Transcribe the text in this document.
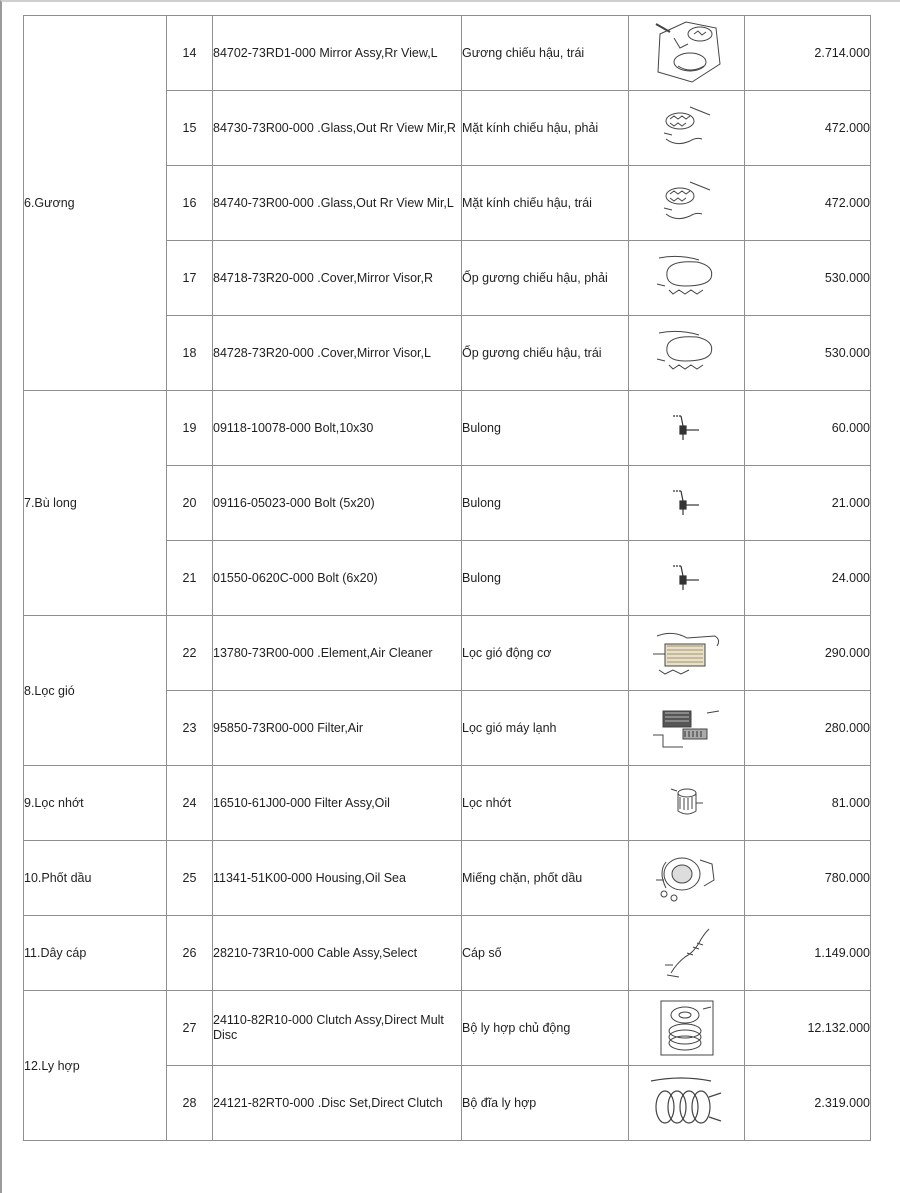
6.Gương	14	84702-73RD1-000 Mirror Assy,Rr View,L	Gương chiếu hậu, trái		2.714.000
	15	84730-73R00-000 .Glass,Out Rr View Mir,R	Mặt kính chiếu hậu, phải		472.000
	16	84740-73R00-000 .Glass,Out Rr View Mir,L	Mặt kính chiếu hậu, trái		472.000
	17	84718-73R20-000 .Cover,Mirror Visor,R	Ốp gương chiếu hậu, phải		530.000
	18	84728-73R20-000 .Cover,Mirror Visor,L	Ốp gương chiếu hậu, trái		530.000
7.Bù long	19	09118-10078-000 Bolt,10x30	Bulong		60.000
	20	09116-05023-000 Bolt (5x20)	Bulong		21.000
	21	01550-0620C-000 Bolt (6x20)	Bulong		24.000
8.Lọc gió	22	13780-73R00-000 .Element,Air Cleaner	Lọc gió động cơ		290.000
	23	95850-73R00-000 Filter,Air	Lọc gió máy lạnh		280.000
9.Lọc nhớt	24	16510-61J00-000 Filter Assy,Oil	Lọc nhớt		81.000
10.Phốt dầu	25	11341-51K00-000 Housing,Oil Sea	Miếng chặn, phốt dầu		780.000
11.Dây cáp	26	28210-73R10-000 Cable Assy,Select	Cáp số		1.149.000
12.Ly hợp	27	24110-82R10-000 Clutch Assy,Direct Mult Disc	Bộ ly hợp chủ động		12.132.000
	28	24121-82RT0-000 .Disc Set,Direct Clutch	Bộ đĩa ly hợp		2.319.000
